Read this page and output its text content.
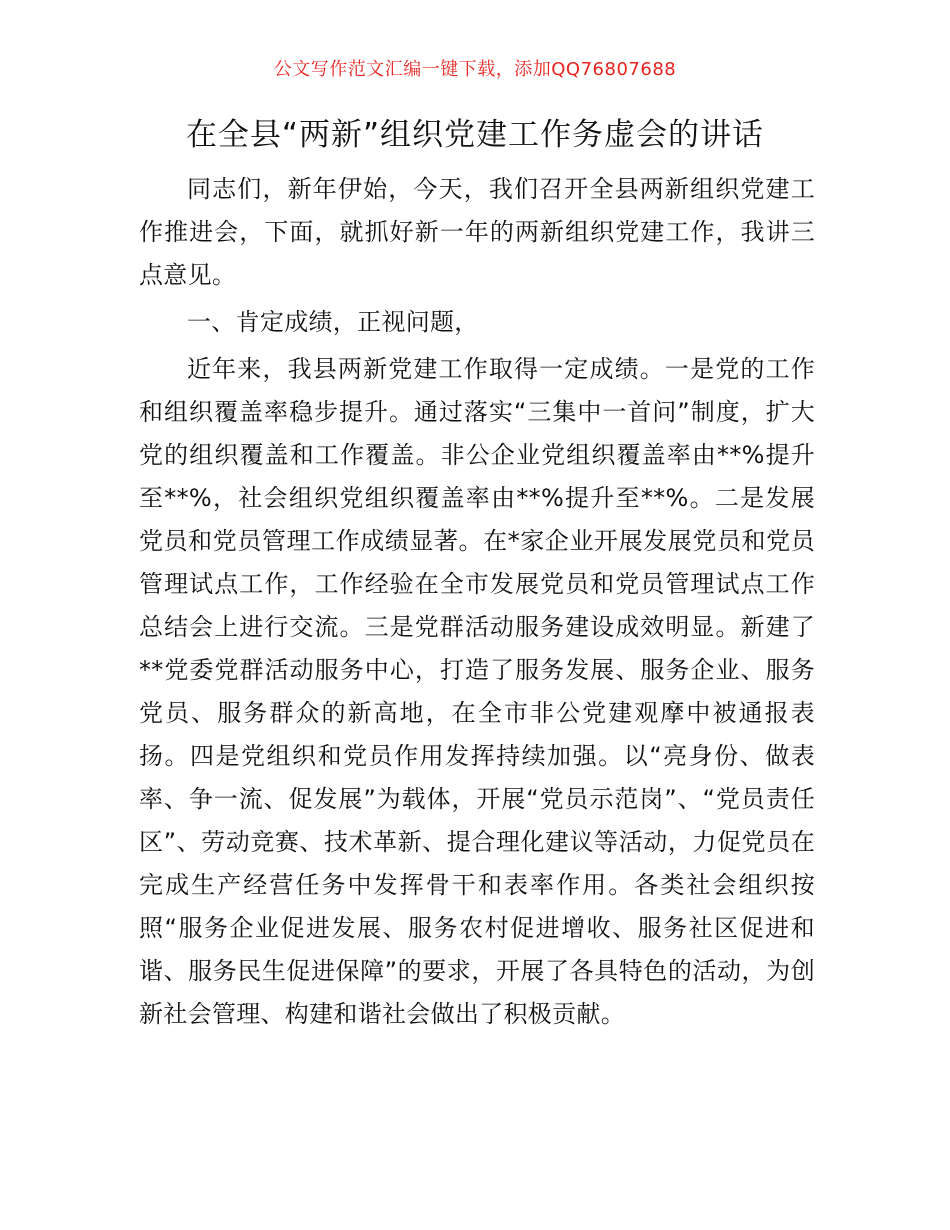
公文写作范文汇编一键下载，添加QQ76807688
在全县“两新”组织党建工作务虚会的讲话

同志们，新年伊始，今天，我们召开全县两新组织党建工作推进会，下面，就抓好新一年的两新组织党建工作，我讲三点意见。

一、肯定成绩，正视问题，

近年来，我县两新党建工作取得一定成绩。一是党的工作和组织覆盖率稳步提升。通过落实“三集中一首问”制度，扩大党的组织覆盖和工作覆盖。非公企业党组织覆盖率由**%提升至**%，社会组织党组织覆盖率由**%提升至**%。二是发展党员和党员管理工作成绩显著。在*家企业开展发展党员和党员管理试点工作，工作经验在全市发展党员和党员管理试点工作总结会上进行交流。三是党群活动服务建设成效明显。新建了**党委党群活动服务中心，打造了服务发展、服务企业、服务党员、服务群众的新高地，在全市非公党建观摩中被通报表扬。四是党组织和党员作用发挥持续加强。以“亮身份、做表率、争一流、促发展”为载体，开展“党员示范岗”、“党员责任区”、劳动竞赛、技术革新、提合理化建议等活动，力促党员在完成生产经营任务中发挥骨干和表率作用。各类社会组织按照“服务企业促进发展、服务农村促进增收、服务社区促进和谐、服务民生促进保障”的要求，开展了各具特色的活动，为创新社会管理、构建和谐社会做出了积极贡献。
